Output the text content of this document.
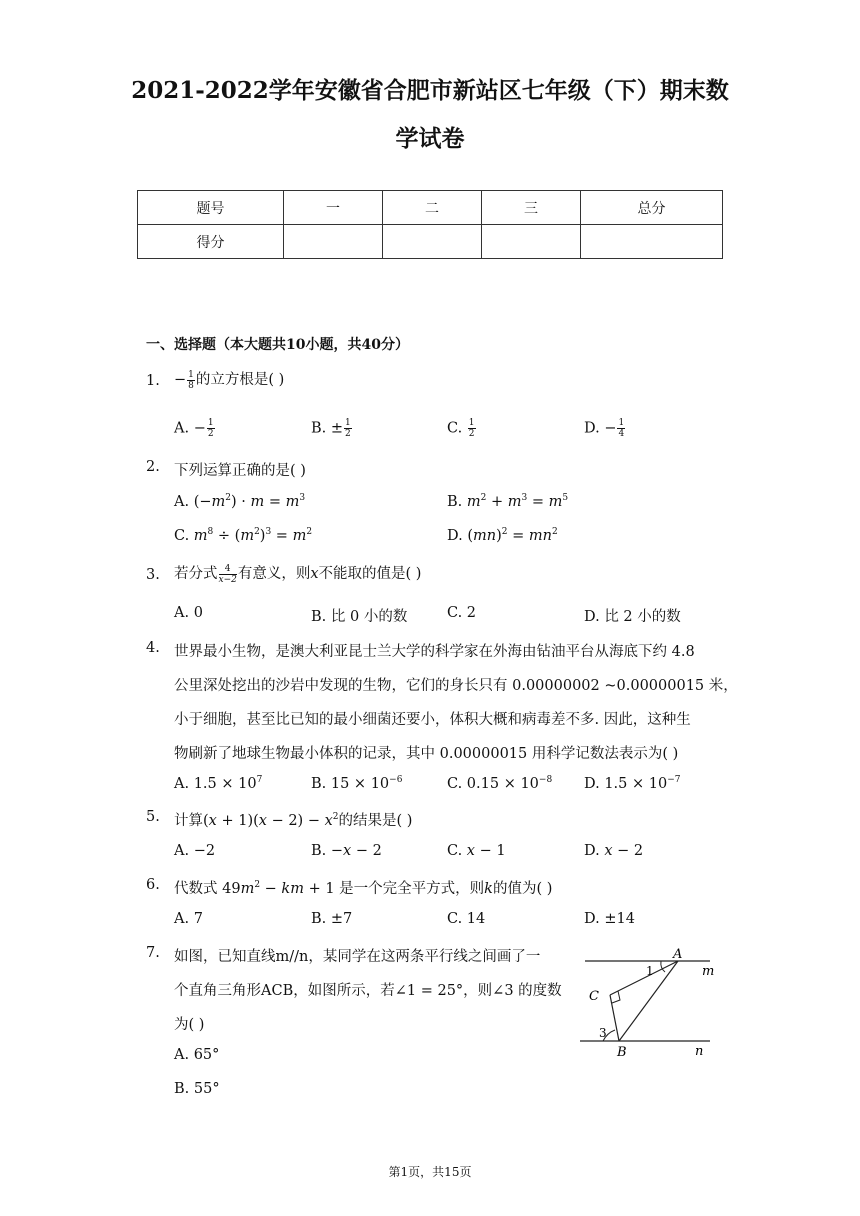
2021-2022学年安徽省合肥市新站区七年级（下）期末数
学试卷
题号	一	二	三	总分
得分				
一、选择题（本大题共10小题，共40分）
1. − $\frac{1}{8}$ 的立方根是( )
A. − $\frac{1}{2}$	B. ± $\frac{1}{2}$	C. $\frac{1}{2}$	D. − $\frac{1}{4}$
2. 下列运算正确的是( )
A. $(-m^2) \cdot m = m^3$	B. $m^2 + m^3 = m^5$
C. $m^8 \div (m^2)^3 = m^2$	D. $(mn)^2 = mn^2$
3. 若分式 $\frac{4}{x-2}$ 有意义，则x不能取的值是( )
A. 0	B. 比 0 小的数	C. 2	D. 比 2 小的数
4. 世界最小生物，是澳大利亚昆士兰大学的科学家在外海由钻油平台从海底下约 4.8
公里深处挖出的沙岩中发现的生物，它们的身长只有 0.00000002 ~0.00000015 米，
小于细胞，甚至比已知的最小细菌还要小，体积大概和病毒差不多. 因此，这种生
物刷新了地球生物最小体积的记录，其中 0.00000015 用科学记数法表示为( )
A. $1.5 \times 10^7$	B. $15 \times 10^{-6}$	C. $0.15 \times 10^{-8}$ D. $1.5 \times 10^{-7}$
5. 计算$(x + 1)(x - 2) - x^2$的结果是( )
A. −2	B. −x − 2	C. x − 1	D. x − 2
6. 代数式 $49m^2$ − km + 1 是一个完全平方式，则k的值为( )
A. 7	B. ±7	C. 14	D. ±14
7. 如图，已知直线m//n，某同学在这两条平行线之间画了一
个直角三角形ACB，如图所示，若∠1 = 25°，则∠3 的度数
为( )
A. 65°
B. 55°
A
C
B
m
n
1
3
第1页，共15页
